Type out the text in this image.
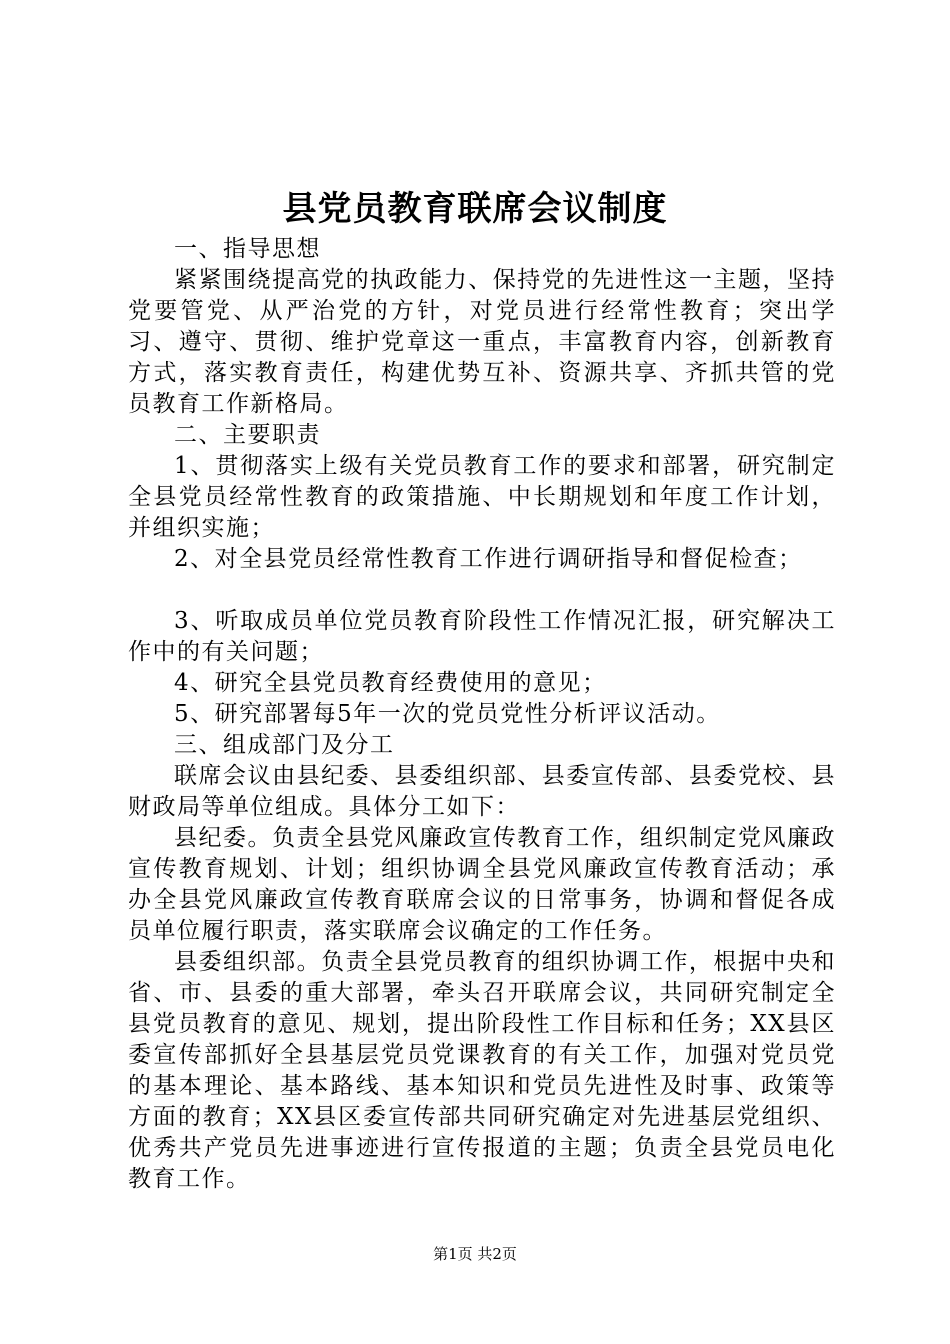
县党员教育联席会议制度

一、指导思想

紧紧围绕提高党的执政能力、保持党的先进性这一主题，坚持党要管党、从严治党的方针，对党员进行经常性教育；突出学习、遵守、贯彻、维护党章这一重点，丰富教育内容，创新教育方式，落实教育责任，构建优势互补、资源共享、齐抓共管的党员教育工作新格局。

二、主要职责

1、贯彻落实上级有关党员教育工作的要求和部署，研究制定全县党员经常性教育的政策措施、中长期规划和年度工作计划，并组织实施；

2、对全县党员经常性教育工作进行调研指导和督促检查；

3、听取成员单位党员教育阶段性工作情况汇报，研究解决工作中的有关问题；

4、研究全县党员教育经费使用的意见；

5、研究部署每5年一次的党员党性分析评议活动。

三、组成部门及分工

联席会议由县纪委、县委组织部、县委宣传部、县委党校、县财政局等单位组成。具体分工如下：

县纪委。负责全县党风廉政宣传教育工作，组织制定党风廉政宣传教育规划、计划；组织协调全县党风廉政宣传教育活动；承办全县党风廉政宣传教育联席会议的日常事务，协调和督促各成员单位履行职责，落实联席会议确定的工作任务。

县委组织部。负责全县党员教育的组织协调工作，根据中央和省、市、县委的重大部署，牵头召开联席会议，共同研究制定全县党员教育的意见、规划，提出阶段性工作目标和任务；XX县区委宣传部抓好全县基层党员党课教育的有关工作，加强对党员党的基本理论、基本路线、基本知识和党员先进性及时事、政策等方面的教育；XX县区委宣传部共同研究确定对先进基层党组织、优秀共产党员先进事迹进行宣传报道的主题；负责全县党员电化教育工作。

第1页 共2页
